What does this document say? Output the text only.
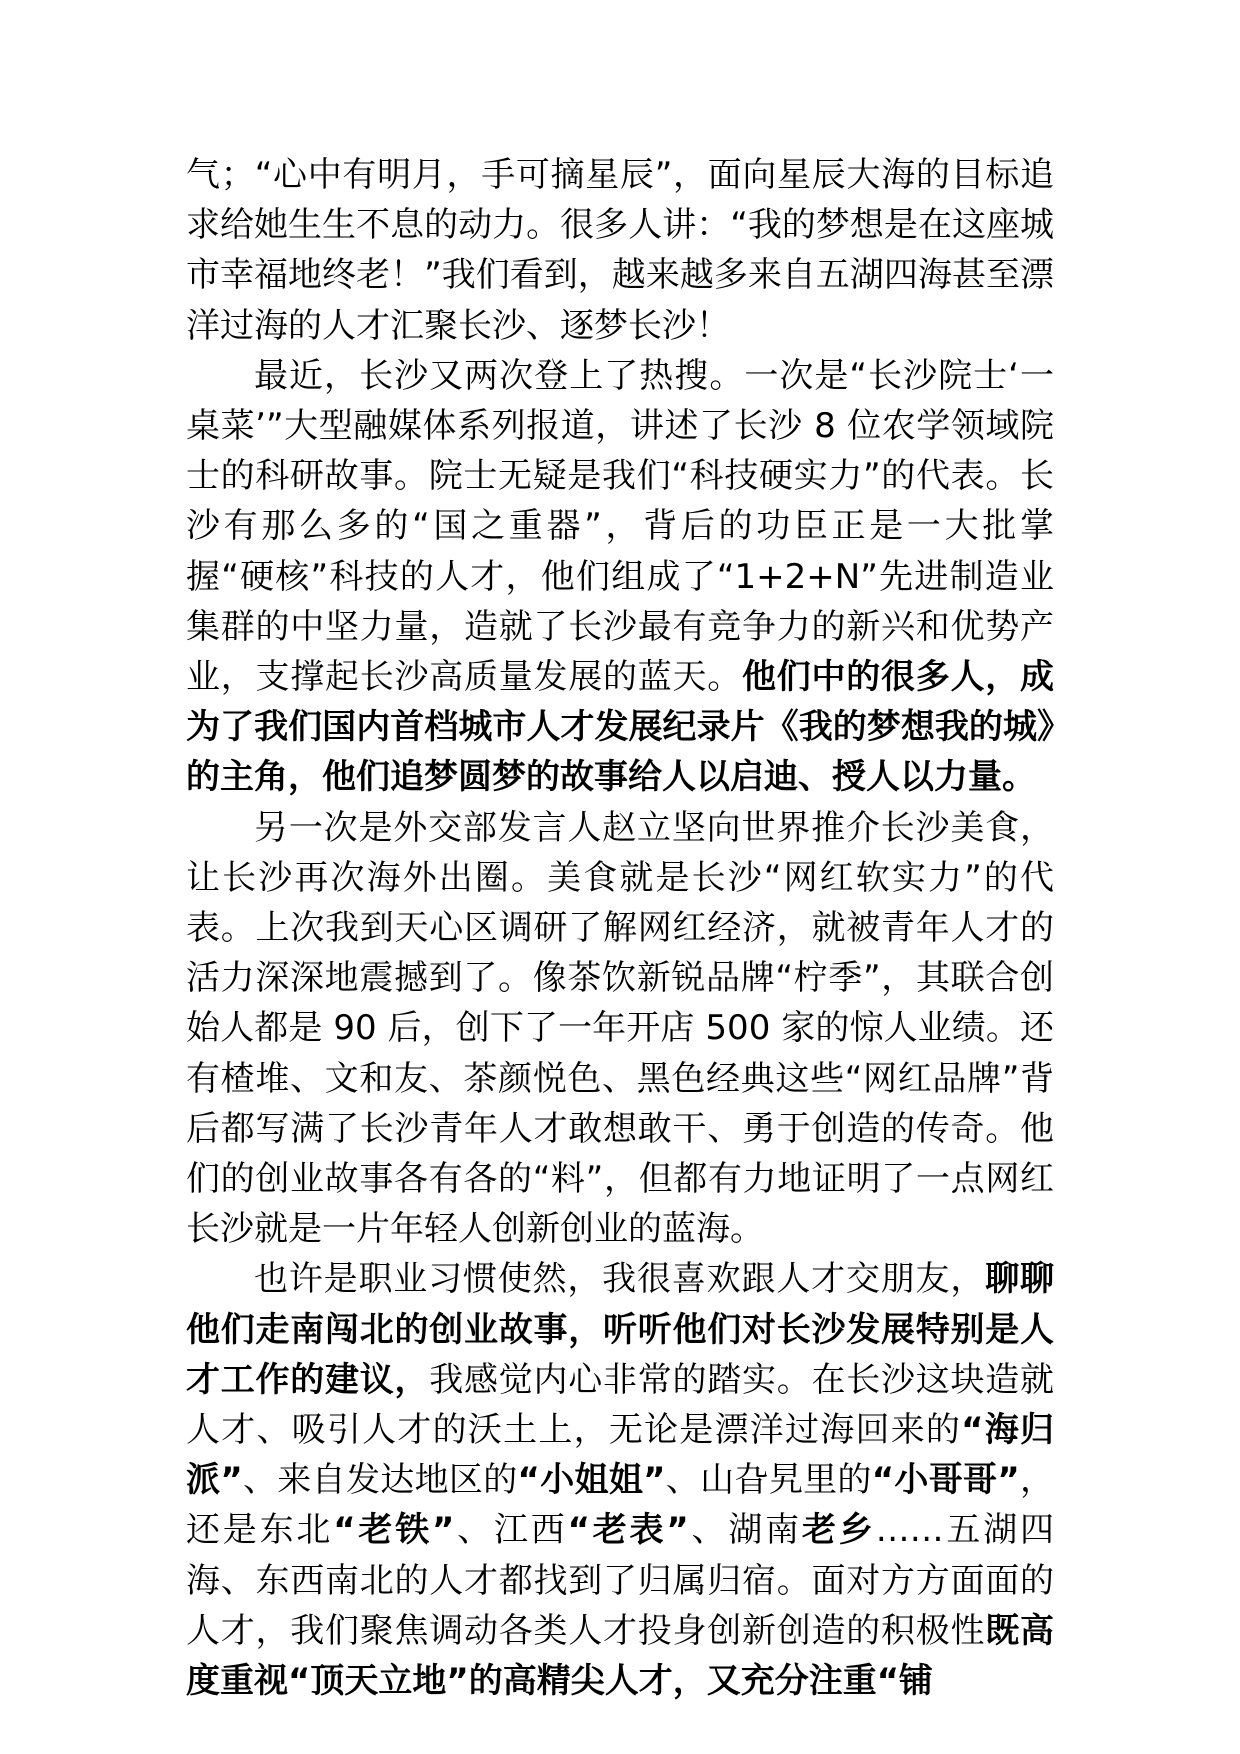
气；“心中有明月，手可摘星辰”，面向星辰大海的目标追求给她生生不息的动力。很多人讲：“我的梦想是在这座城市幸福地终老！”我们看到，越来越多来自五湖四海甚至漂洋过海的人才汇聚长沙、逐梦长沙！

最近，长沙又两次登上了热搜。一次是“长沙院士‘一桌菜’”大型融媒体系列报道，讲述了长沙 8 位农学领域院士的科研故事。院士无疑是我们“科技硬实力”的代表。长沙有那么多的“国之重器”，背后的功臣正是一大批掌握“硬核”科技的人才，他们组成了“1+2+N”先进制造业集群的中坚力量，造就了长沙最有竞争力的新兴和优势产业，支撑起长沙高质量发展的蓝天。他们中的很多人，成为了我们国内首档城市人才发展纪录片《我的梦想我的城》的主角，他们追梦圆梦的故事给人以启迪、授人以力量。

另一次是外交部发言人赵立坚向世界推介长沙美食，让长沙再次海外出圈。美食就是长沙“网红软实力”的代表。上次我到天心区调研了解网红经济，就被青年人才的活力深深地震撼到了。像茶饮新锐品牌“柠季”，其联合创始人都是 90 后，创下了一年开店 500 家的惊人业绩。还有楂堆、文和友、茶颜悦色、黑色经典这些“网红品牌”背后都写满了长沙青年人才敢想敢干、勇于创造的传奇。他们的创业故事各有各的“料”，但都有力地证明了一点网红长沙就是一片年轻人创新创业的蓝海。

也许是职业习惯使然，我很喜欢跟人才交朋友，聊聊他们走南闯北的创业故事，听听他们对长沙发展特别是人才工作的建议，我感觉内心非常的踏实。在长沙这块造就人才、吸引人才的沃土上，无论是漂洋过海回来的“海归派”、来自发达地区的“小姐姐”、山旮旯里的“小哥哥”，还是东北“老铁”、江西“老表”、湖南老乡……五湖四海、东西南北的人才都找到了归属归宿。面对方方面面的人才，我们聚焦调动各类人才投身创新创造的积极性既高度重视“顶天立地”的高精尖人才，又充分注重“铺
